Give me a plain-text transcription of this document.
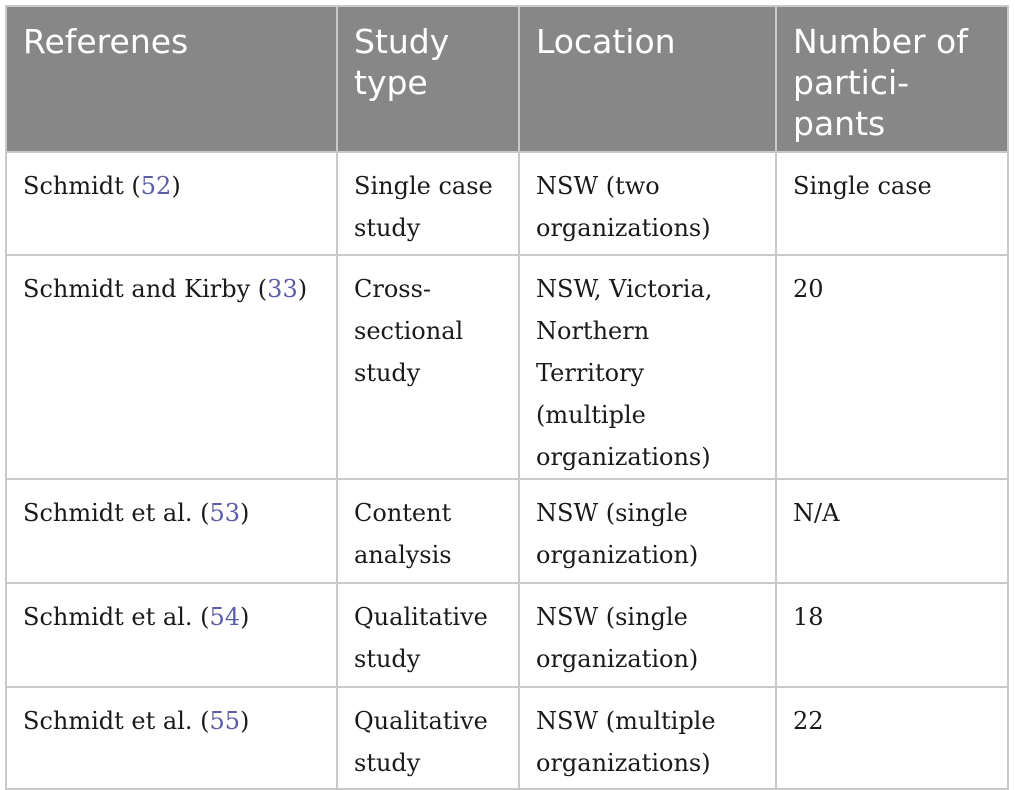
Referenes	Study type	Location	Number of partici-pants
Schmidt (52)	Single case study	NSW (two organizations)	Single case
Schmidt and Kirby (33)	Cross-sectional study	NSW, Victoria, Northern Territory (multiple organizations)	20
Schmidt et al. (53)	Content analysis	NSW (single organization)	N/A
Schmidt et al. (54)	Qualitative study	NSW (single organization)	18
Schmidt et al. (55)	Qualitative study	NSW (multiple organizations)	22
